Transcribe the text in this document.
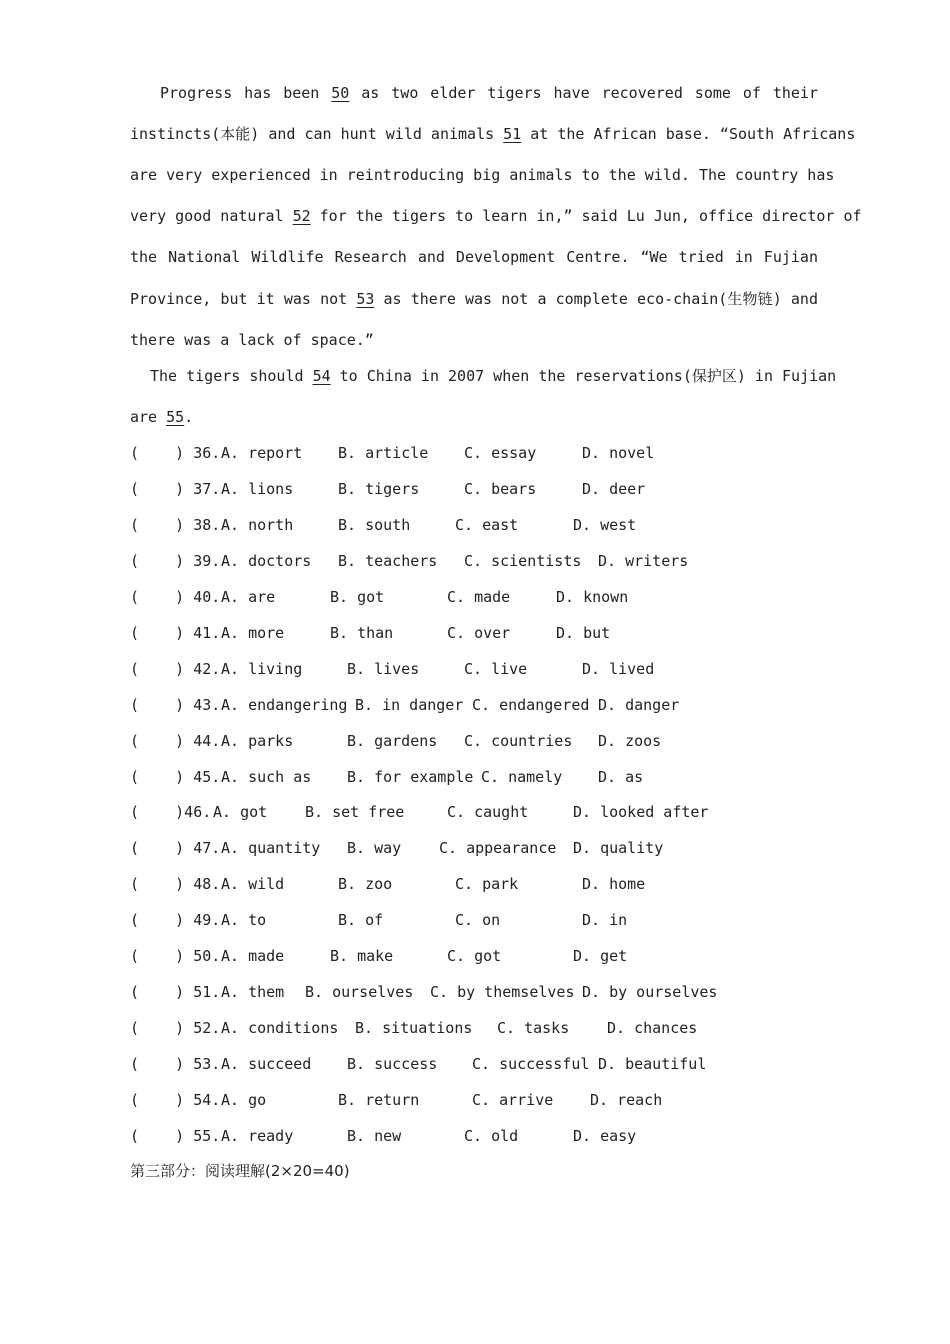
Progress has been 50 as two elder tigers have recovered some of their
instincts(本能) and can hunt wild animals 51 at the African base. “South Africans
are very experienced in reintroducing big animals to the wild. The country has
very good natural 52 for the tigers to learn in,” said Lu Jun, office director of
the National Wildlife Research and Development Centre. “We tried in Fujian
Province, but it was not 53 as there was not a complete eco-chain(生物链) and
there was a lack of space.”
The tigers should 54 to China in 2007 when the reservations(保护区) in Fujian
are 55.
(    ) 36. A. report B. article C. essay	D. novel
(    ) 37. A. lions	B. tigers	C. bears	D. deer
(    ) 38. A. north	B. south	C. east	D. west
(    ) 39. A. doctors B. teachers C. scientists D. writers
(    ) 40. A. are	B. got	C. made	D. known
(    ) 41. A. more	B. than	C. over	D. but
(    ) 42. A. living	B. lives	C. live	D. lived
(    ) 43. A. endangering B. in danger C. endangered D. danger
(    ) 44. A. parks	B. gardens C. countries D. zoos
(    ) 45. A. such as B. for example C. namely D. as
(    )46. A. got	B. set free	C. caught	D. looked after
(    ) 47. A. quantity B. way	C. appearance D. quality
(    ) 48. A. wild	B. zoo	C. park	D. home
(    ) 49. A. to	B. of	C. on	D. in
(    ) 50. A. made	B. make	C. got	D. get
(    ) 51. A. them B. ourselves C. by themselves D. by ourselves
(    ) 52. A. conditions B. situations C. tasks	D. chances
(    ) 53. A. succeed B. success C. successful D. beautiful
(    ) 54. A. go	B. return	C. arrive D. reach
(    ) 55. A. ready	B. new	C. old	D. easy
第三部分：阅读理解(2×20=40)
